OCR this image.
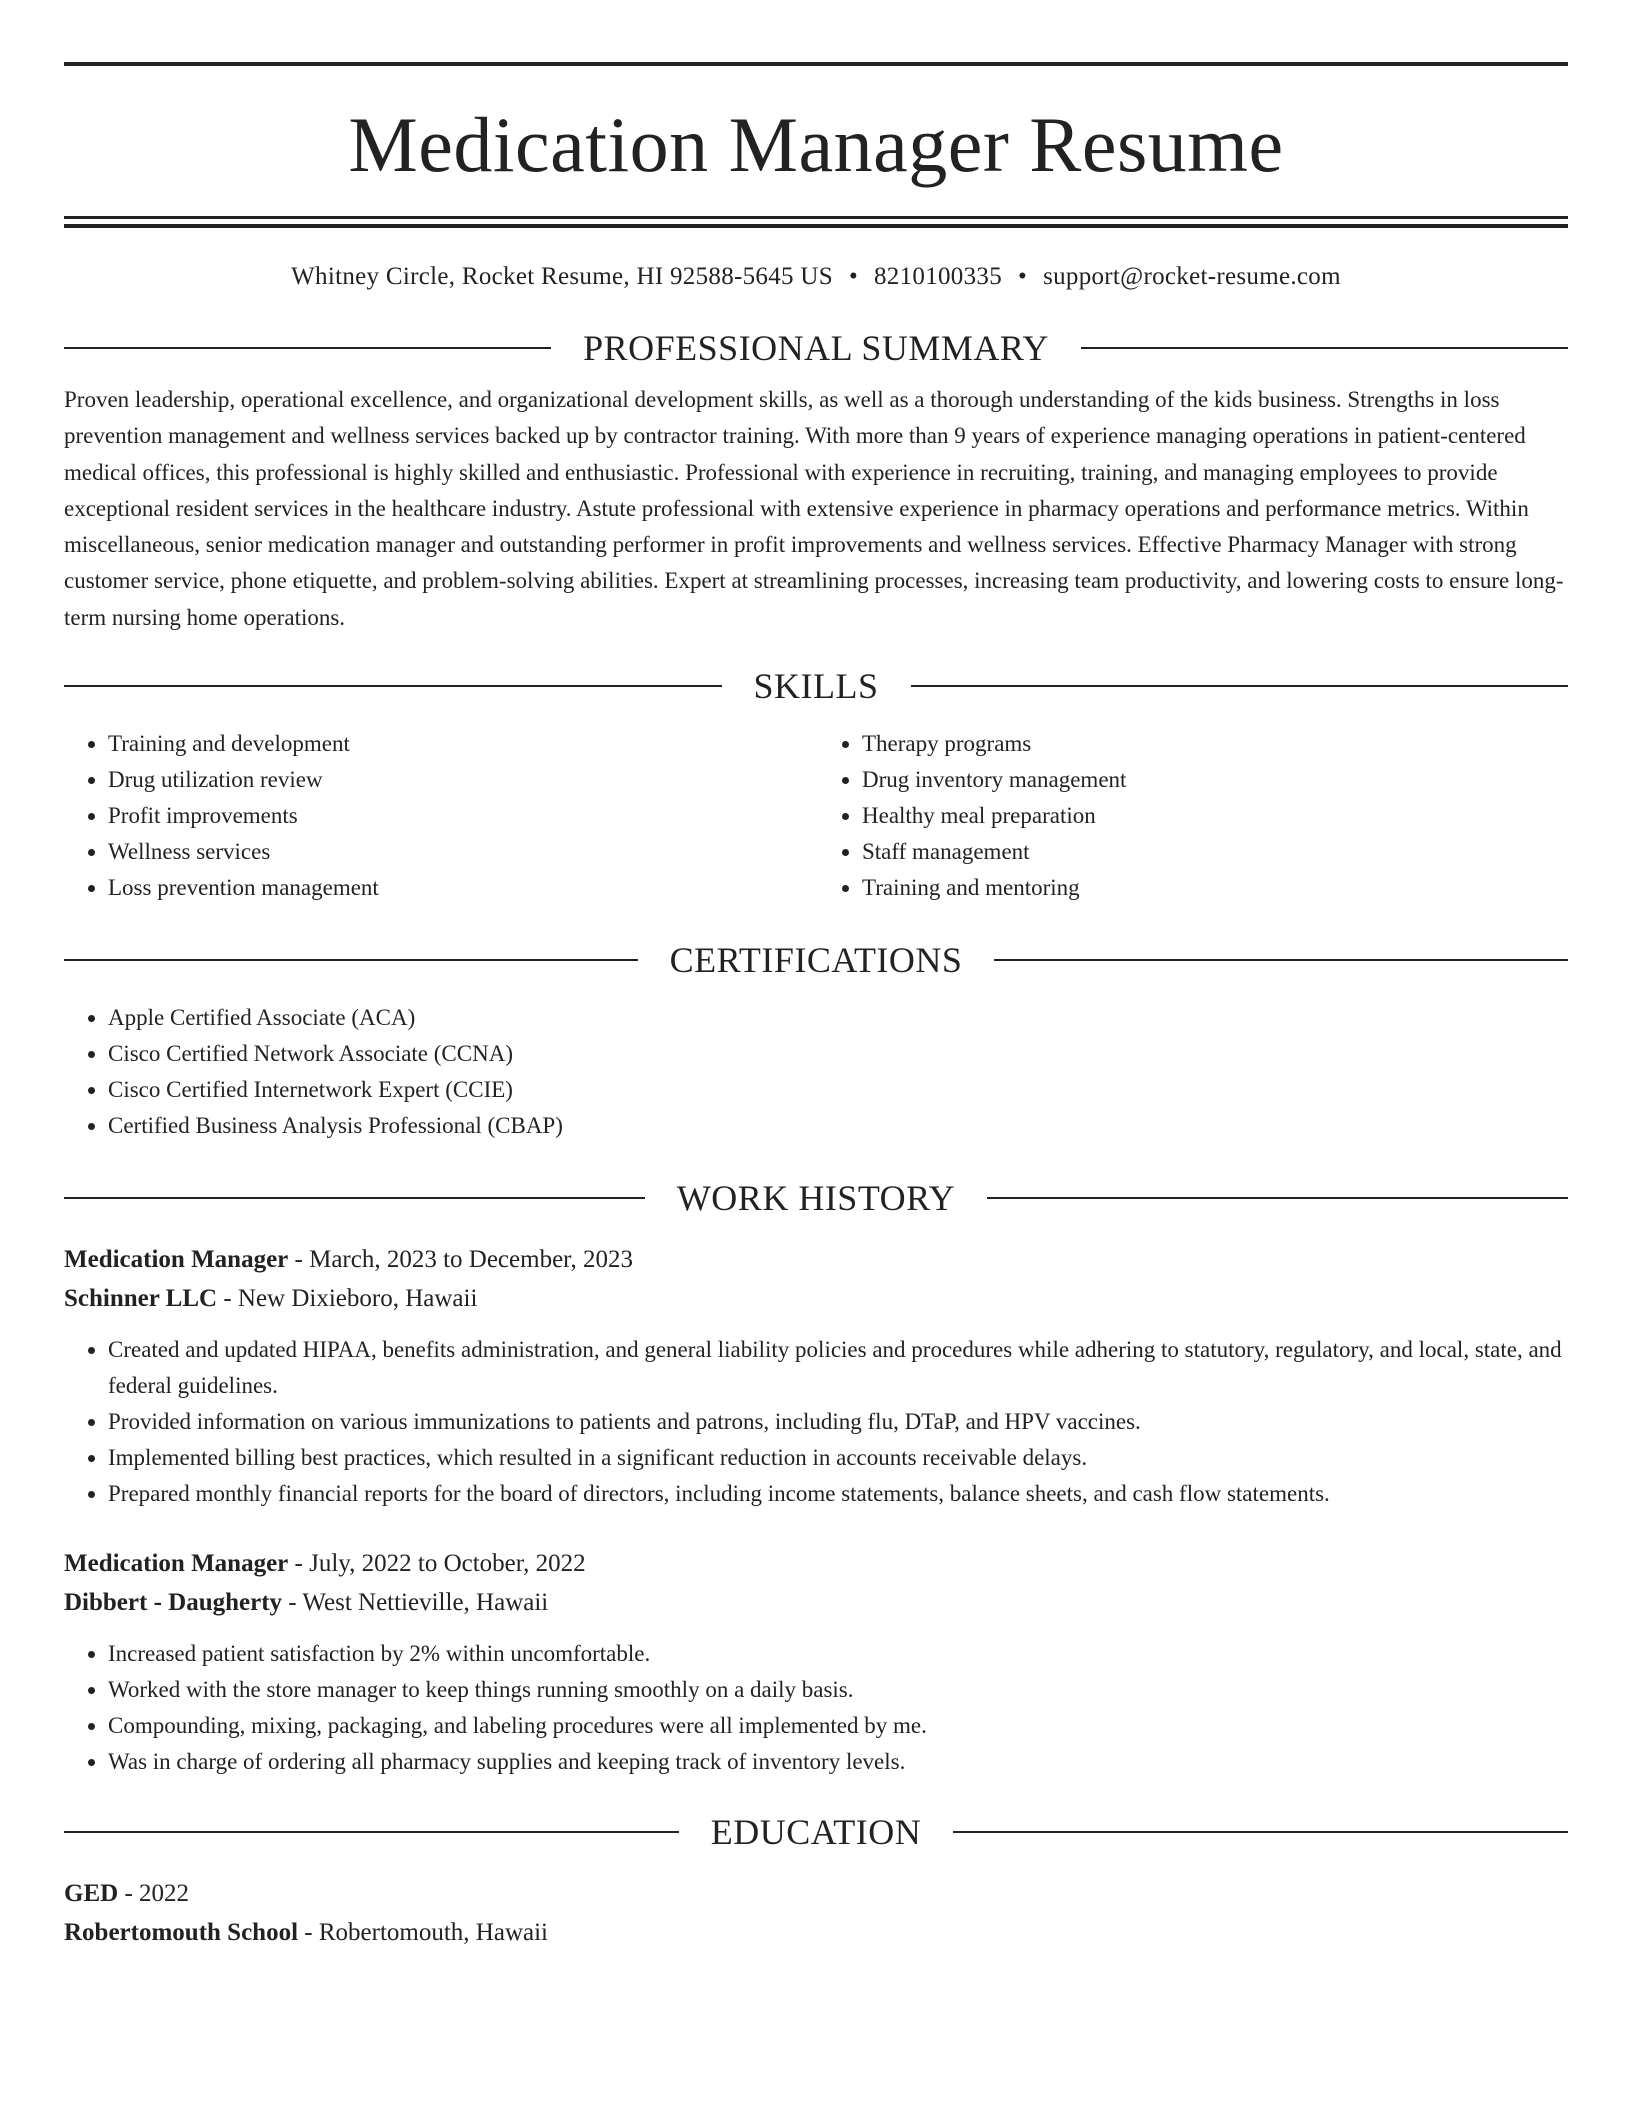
Medication Manager Resume
Whitney Circle, Rocket Resume, HI 92588-5645 US • 8210100335 • support@rocket-resume.com
PROFESSIONAL SUMMARY

Proven leadership, operational excellence, and organizational development skills, as well as a thorough understanding of the kids business. Strengths in loss prevention management and wellness services backed up by contractor training. With more than 9 years of experience managing operations in patient-centered medical offices, this professional is highly skilled and enthusiastic. Professional with experience in recruiting, training, and managing employees to provide exceptional resident services in the healthcare industry. Astute professional with extensive experience in pharmacy operations and performance metrics. Within miscellaneous, senior medication manager and outstanding performer in profit improvements and wellness services. Effective Pharmacy Manager with strong customer service, phone etiquette, and problem-solving abilities. Expert at streamlining processes, increasing team productivity, and lowering costs to ensure long-term nursing home operations.

SKILLS
• Training and development
• Drug utilization review
• Profit improvements
• Wellness services
• Loss prevention management
• Therapy programs
• Drug inventory management
• Healthy meal preparation
• Staff management
• Training and mentoring
CERTIFICATIONS
• Apple Certified Associate (ACA)
• Cisco Certified Network Associate (CCNA)
• Cisco Certified Internetwork Expert (CCIE)
• Certified Business Analysis Professional (CBAP)
WORK HISTORY
Medication Manager - March, 2023 to December, 2023
Schinner LLC - New Dixieboro, Hawaii
• Created and updated HIPAA, benefits administration, and general liability policies and procedures while adhering to statutory, regulatory, and local, state, and federal guidelines.
• Provided information on various immunizations to patients and patrons, including flu, DTaP, and HPV vaccines.
• Implemented billing best practices, which resulted in a significant reduction in accounts receivable delays.
• Prepared monthly financial reports for the board of directors, including income statements, balance sheets, and cash flow statements.
Medication Manager - July, 2022 to October, 2022
Dibbert - Daugherty - West Nettieville, Hawaii
• Increased patient satisfaction by 2% within uncomfortable.
• Worked with the store manager to keep things running smoothly on a daily basis.
• Compounding, mixing, packaging, and labeling procedures were all implemented by me.
• Was in charge of ordering all pharmacy supplies and keeping track of inventory levels.
EDUCATION
GED - 2022
Robertomouth School - Robertomouth, Hawaii
